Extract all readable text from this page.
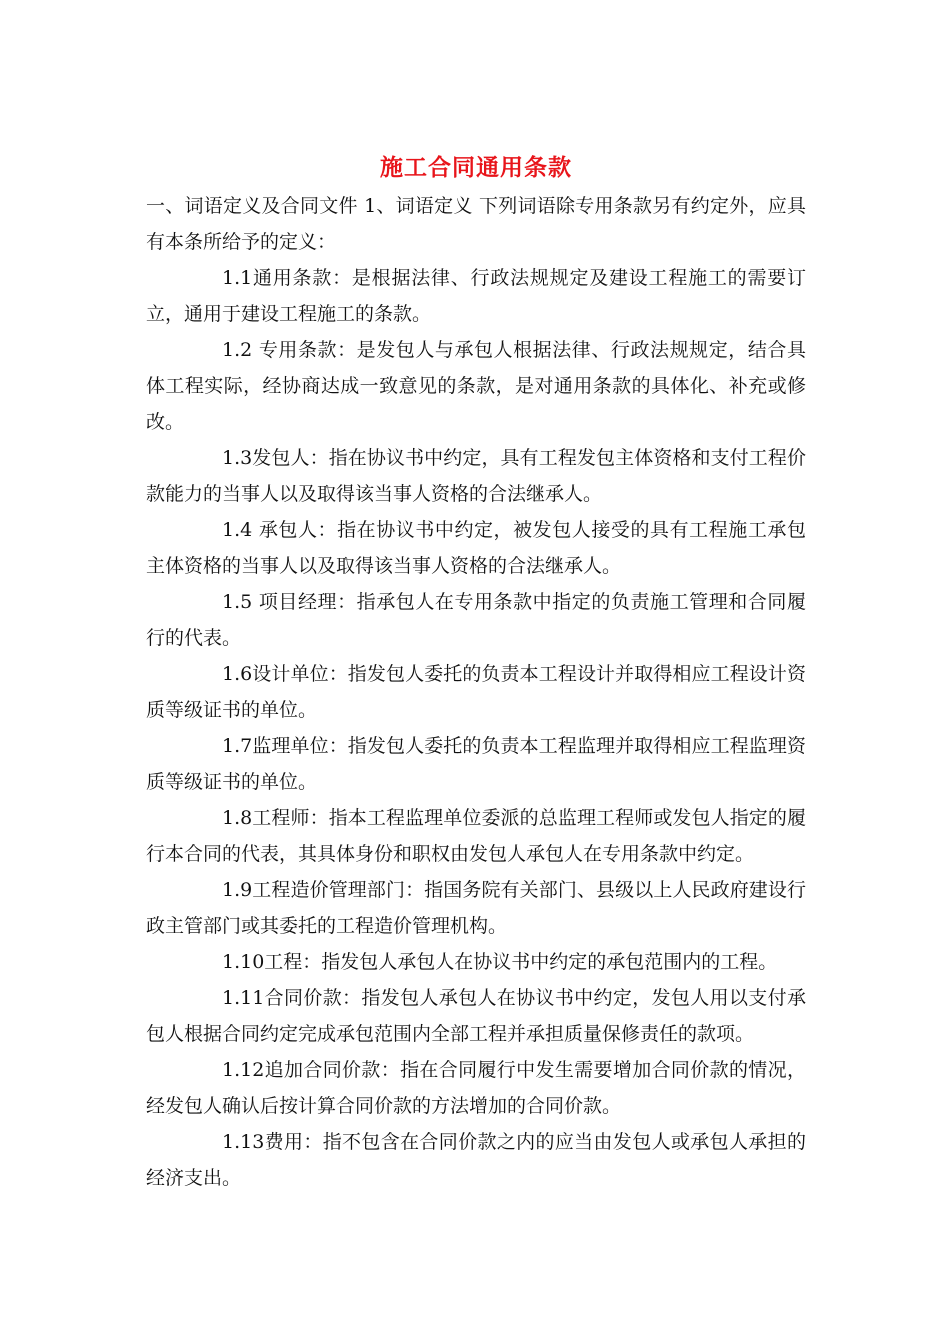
施工合同通用条款

一、词语定义及合同文件 1、词语定义 下列词语除专用条款另有约定外，应具有本条所给予的定义：

1.1通用条款：是根据法律、行政法规规定及建设工程施工的需要订立，通用于建设工程施工的条款。

1.2 专用条款：是发包人与承包人根据法律、行政法规规定，结合具体工程实际，经协商达成一致意见的条款，是对通用条款的具体化、补充或修改。

1.3发包人：指在协议书中约定，具有工程发包主体资格和支付工程价款能力的当事人以及取得该当事人资格的合法继承人。

1.4 承包人：指在协议书中约定，被发包人接受的具有工程施工承包主体资格的当事人以及取得该当事人资格的合法继承人。

1.5 项目经理：指承包人在专用条款中指定的负责施工管理和合同履行的代表。

1.6设计单位：指发包人委托的负责本工程设计并取得相应工程设计资质等级证书的单位。

1.7监理单位：指发包人委托的负责本工程监理并取得相应工程监理资质等级证书的单位。

1.8工程师：指本工程监理单位委派的总监理工程师或发包人指定的履行本合同的代表，其具体身份和职权由发包人承包人在专用条款中约定。

1.9工程造价管理部门：指国务院有关部门、县级以上人民政府建设行政主管部门或其委托的工程造价管理机构。

1.10工程：指发包人承包人在协议书中约定的承包范围内的工程。

1.11合同价款：指发包人承包人在协议书中约定，发包人用以支付承包人根据合同约定完成承包范围内全部工程并承担质量保修责任的款项。

1.12追加合同价款：指在合同履行中发生需要增加合同价款的情况，经发包人确认后按计算合同价款的方法增加的合同价款。

1.13费用：指不包含在合同价款之内的应当由发包人或承包人承担的经济支出。
